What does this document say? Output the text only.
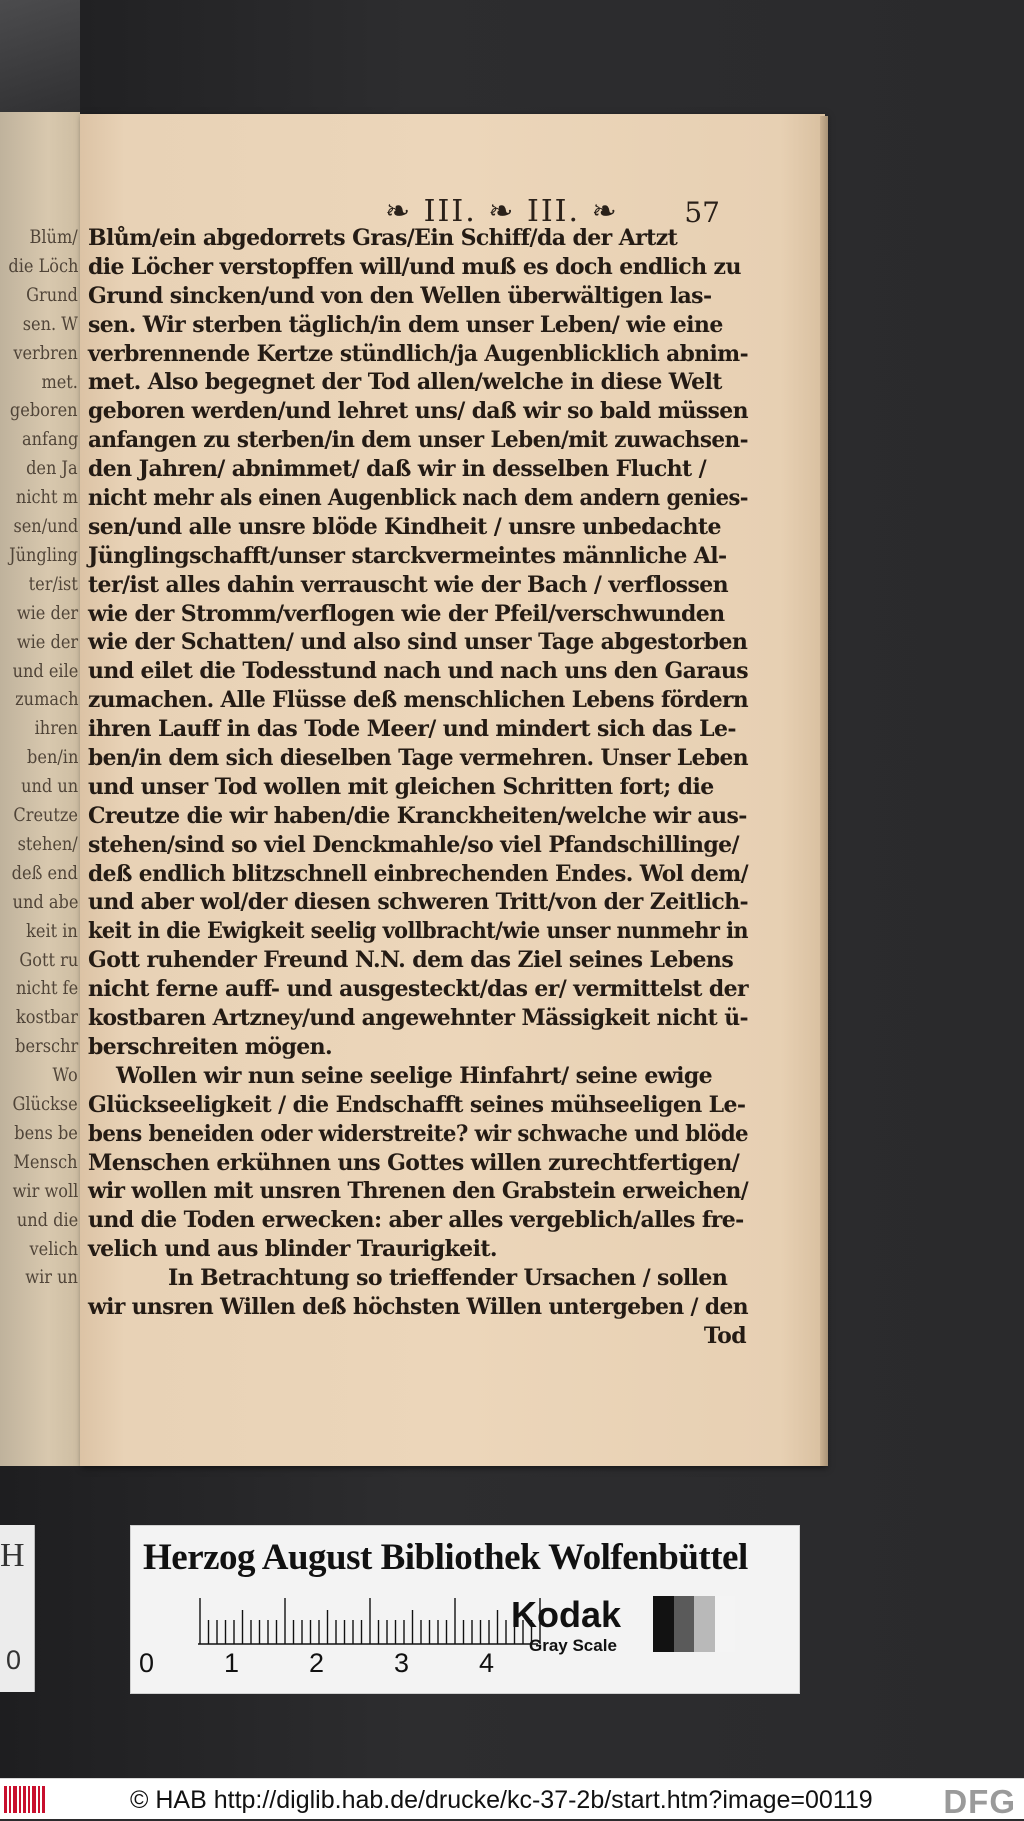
Blüm/
die Löch
Grund
sen. W
verbren
met.
geboren
anfang
den Ja
nicht m
sen/und
Jüngling
ter/ist
wie der
wie der
und eile
zumach
ihren
ben/in
und un
Creutze
stehen/
deß end
und abe
keit in
Gott ru
nicht fe
kostbar
berschr
Wo
Glückse
bens be
Mensch
wir woll
und die
velich
wir un
❧ III. ❧ III. ❧ 57
Blům/ein abgedorrets Gras/Ein Schiff/da der Artzt
die Löcher verstopffen will/und muß es doch endlich zu
Grund sincken/und von den Wellen überwältigen las-
sen. Wir sterben täglich/in dem unser Leben/ wie eine
verbrennende Kertze stündlich/ja Augenblicklich abnim-
met. Also begegnet der Tod allen/welche in diese Welt
geboren werden/und lehret uns/ daß wir so bald müssen
anfangen zu sterben/in dem unser Leben/mit zuwachsen-
den Jahren/ abnimmet/ daß wir in desselben Flucht /
nicht mehr als einen Augenblick nach dem andern genies-
sen/und alle unsre blöde Kindheit / unsre unbedachte
Jünglingschafft/unser starckvermeintes männliche Al-
ter/ist alles dahin verrauscht wie der Bach / verflossen
wie der Stromm/verflogen wie der Pfeil/verschwunden
wie der Schatten/ und also sind unser Tage abgestorben
und eilet die Todesstund nach und nach uns den Garaus
zumachen. Alle Flüsse deß menschlichen Lebens fördern
ihren Lauff in das Tode Meer/ und mindert sich das Le-
ben/in dem sich dieselben Tage vermehren. Unser Leben
und unser Tod wollen mit gleichen Schritten fort; die
Creutze die wir haben/die Kranckheiten/welche wir aus-
stehen/sind so viel Denckmahle/so viel Pfandschillinge/
deß endlich blitzschnell einbrechenden Endes. Wol dem/
und aber wol/der diesen schweren Tritt/von der Zeitlich-
keit in die Ewigkeit seelig vollbracht/wie unser nunmehr in
Gott ruhender Freund N.N. dem das Ziel seines Lebens
nicht ferne auff- und ausgesteckt/das er/ vermittelst der
kostbaren Artzney/und angewehnter Mässigkeit nicht ü-
berschreiten mögen.
Wollen wir nun seine seelige Hinfahrt/ seine ewige
Glückseeligkeit / die Endschafft seines mühseeligen Le-
bens beneiden oder widerstreite? wir schwache und blöde
Menschen erkühnen uns Gottes willen zurechtfertigen/
wir wollen mit unsren Threnen den Grabstein erweichen/
und die Toden erwecken: aber alles vergeblich/alles fre-
velich und aus blinder Traurigkeit.
In Betrachtung so trieffender Ursachen / sollen
wir unsren Willen deß höchsten Willen untergeben / den
Tod
H
0
Herzog August Bibliothek Wolfenbüttel
0	1	2	3	4
Kodak
Gray Scale
© HAB http://diglib.hab.de/drucke/kc-37-2b/start.htm?image=00119 DFG
